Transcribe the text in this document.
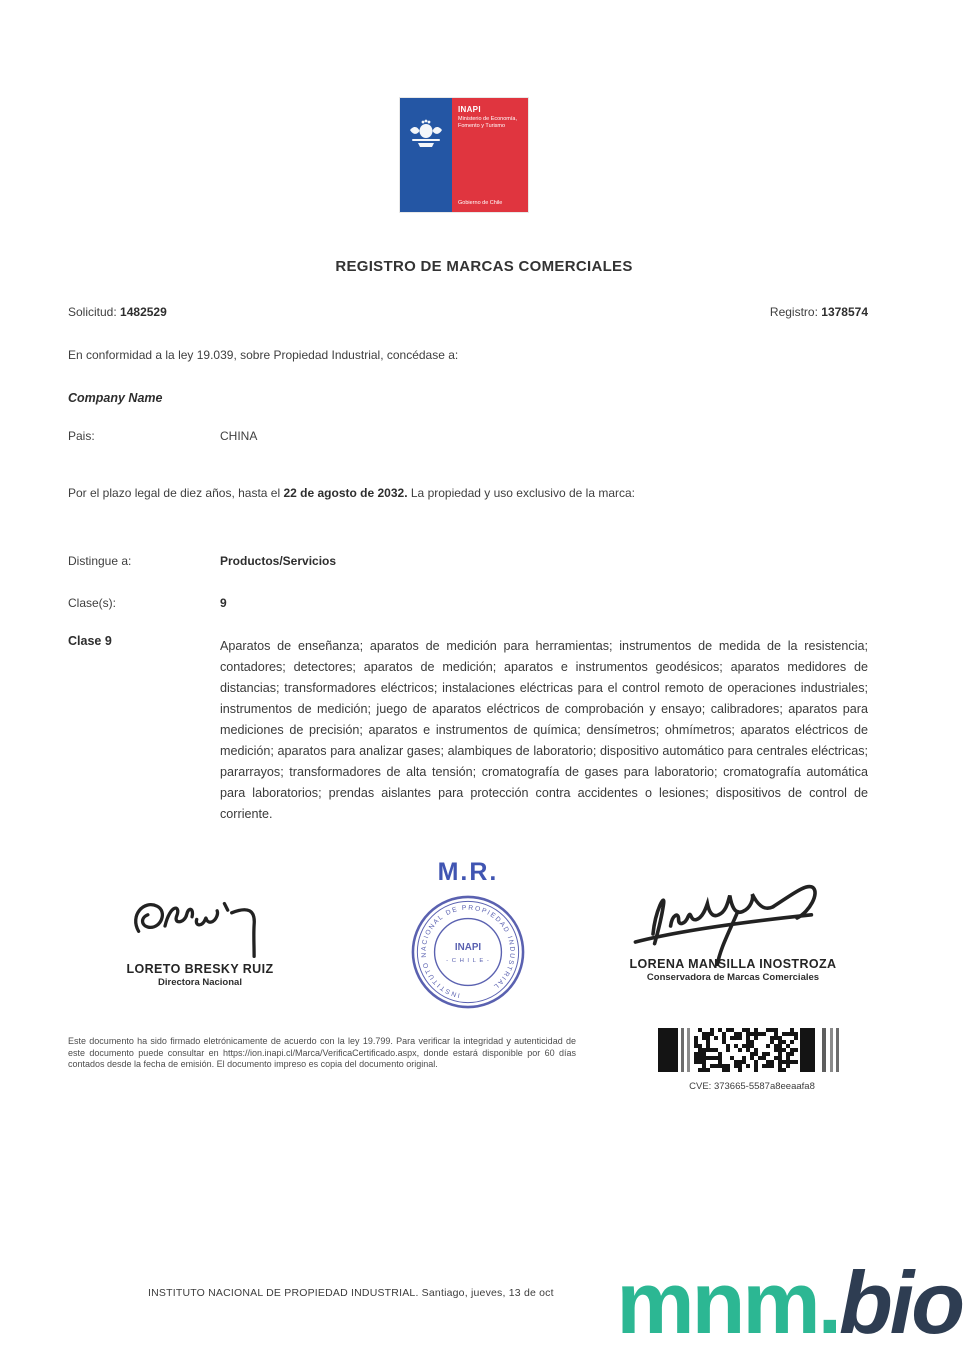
INAPI
Ministerio de Economía, Fomento y Turismo
Gobierno de Chile
REGISTRO DE MARCAS COMERCIALES
Solicitud: 1482529	Registro: 1378574
En conformidad a la ley 19.039, sobre Propiedad Industrial, concédase a:
Company Name
Pais:	CHINA
Por el plazo legal de diez años, hasta el 22 de agosto de 2032. La propiedad y uso exclusivo de la marca:
Distingue a:	Productos/Servicios
Clase(s):	9
Clase 9	Aparatos de enseñanza; aparatos de medición para herramientas; instrumentos de medida de la resistencia; contadores; detectores; aparatos de medición; aparatos e instrumentos geodésicos; aparatos medidores de distancias; transformadores eléctricos; instalaciones eléctricas para el control remoto de operaciones industriales; instrumentos de medición; juego de aparatos eléctricos de comprobación y ensayo; calibradores; aparatos para mediciones de precisión; aparatos e instrumentos de química; densímetros; ohmímetros; aparatos eléctricos de medición; aparatos para analizar gases; alambiques de laboratorio; dispositivo automático para centrales eléctricas; pararrayos; transformadores de alta tensión; cromatografía de gases para laboratorio; cromatografía automática para laboratorios; prendas aislantes para protección contra accidentes o lesiones; dispositivos de control de corriente.
M.R.
INSTITUTO NACIONAL DE PROPIEDAD INDUSTRIAL
INAPI
- C H I L E -
LORETO BRESKY RUIZ
Directora Nacional
LORENA MANSILLA INOSTROZA
Conservadora de Marcas Comerciales
Este documento ha sido firmado eletrónicamente de acuerdo con la ley 19.799. Para verificar la integridad y autenticidad de este documento puede consultar en https://ion.inapi.cl/Marca/VerificaCertificado.aspx, donde estará disponible por 60 días contados desde la fecha de emisión. El documento impreso es copia del documento original.
CVE: 373665-5587a8eeaafa8
INSTITUTO NACIONAL DE PROPIEDAD INDUSTRIAL. Santiago, jueves, 13 de oct mnm.bio
